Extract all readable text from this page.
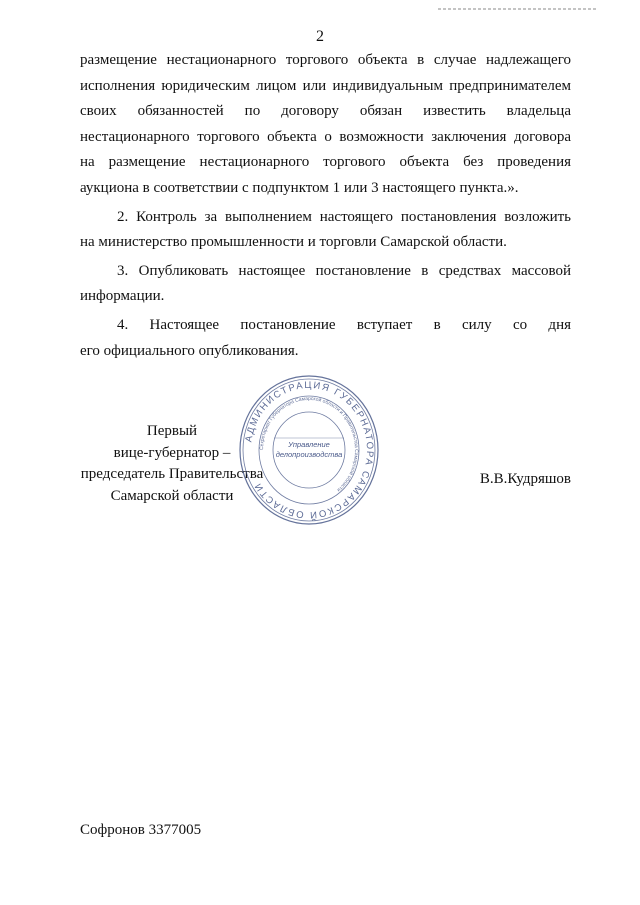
2

размещение нестационарного торгового объекта в случае надлежащего
исполнения юридическим лицом или индивидуальным предпринимателем
своих обязанностей по договору обязан известить владельца
нестационарного торгового объекта о возможности заключения договора
на размещение нестационарного торгового объекта без проведения
аукциона в соответствии с подпунктом 1 или 3 настоящего пункта.».

2. Контроль за выполнением настоящего постановления возложить
на министерство промышленности и торговли Самарской области.

3. Опубликовать настоящее постановление в средствах массовой
информации.

4. Настоящее постановление вступает в силу со дня
его официального опубликования.

Первый
вице-губернатор –
председатель Правительства
Самарской области
В.В.Кудряшов
АДМИНИСТРАЦИЯ ГУБЕРНАТОРА САМАРСКОЙ ОБЛАСТИ
Секретариат Губернатора Самарской области и Правительства Самарской области
Управление
делопроизводства
Софронов 3377005
